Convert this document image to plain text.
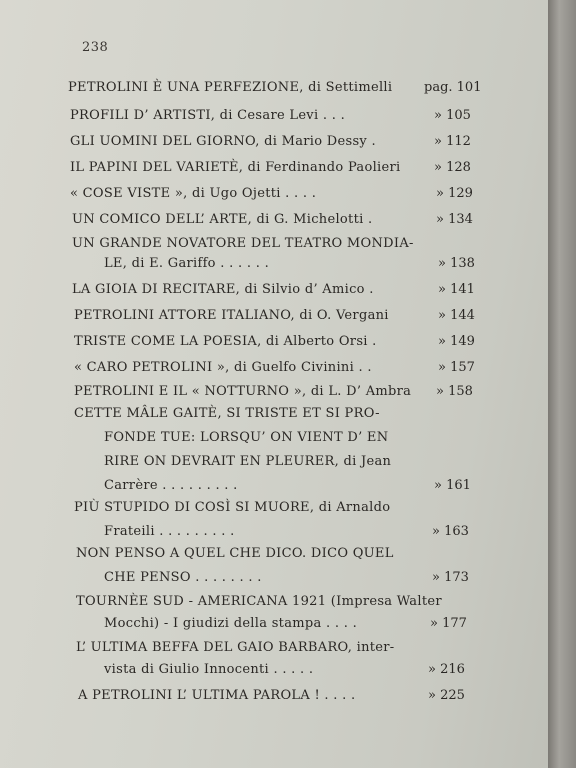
238
PETROLINI È UNA PERFEZIONE, di Settimelli pag. 101
PROFILI D’ ARTISTI, di Cesare Levi . . .	» 105
GLI UOMINI DEL GIORNO, di Mario Dessy .	» 112
IL PAPINI DEL VARIETÈ, di Ferdinando Paolieri	» 128
« COSE VISTE », di Ugo Ojetti . . . .	» 129
UN COMICO DELL’ ARTE, di G. Michelotti .	» 134
UN GRANDE NOVATORE DEL TEATRO MONDIA-
LE, di E. Gariffo . . . . . .	» 138
LA GIOIA DI RECITARE, di Silvio d’ Amico .	» 141
PETROLINI ATTORE ITALIANO, di O. Vergani	» 144
TRISTE COME LA POESIA, di Alberto Orsi .	» 149
« CARO PETROLINI », di Guelfo Civinini . .	» 157
PETROLINI E IL « NOTTURNO », di L. D’ Ambra » 158
CETTE MÂLE GAITÈ, SI TRISTE ET SI PRO-
FONDE TUE: LORSQU’ ON VIENT D’ EN
RIRE ON DEVRAIT EN PLEURER, di Jean
Carrère . . . . . . . . .	» 161
PIÙ STUPIDO DI COSÌ SI MUORE, di Arnaldo
Frateili . . . . . . . . .	» 163
NON PENSO A QUEL CHE DICO. DICO QUEL
CHE PENSO . . . . . . . .	» 173
TOURNÈE SUD - AMERICANA 1921 (Impresa Walter
Mocchi) - I giudizi della stampa . . . .	» 177
L’ ULTIMA BEFFA DEL GAIO BARBARO, inter-
vista di Giulio Innocenti . . . . .	» 216
A PETROLINI L’ ULTIMA PAROLA ! . . . .	» 225
